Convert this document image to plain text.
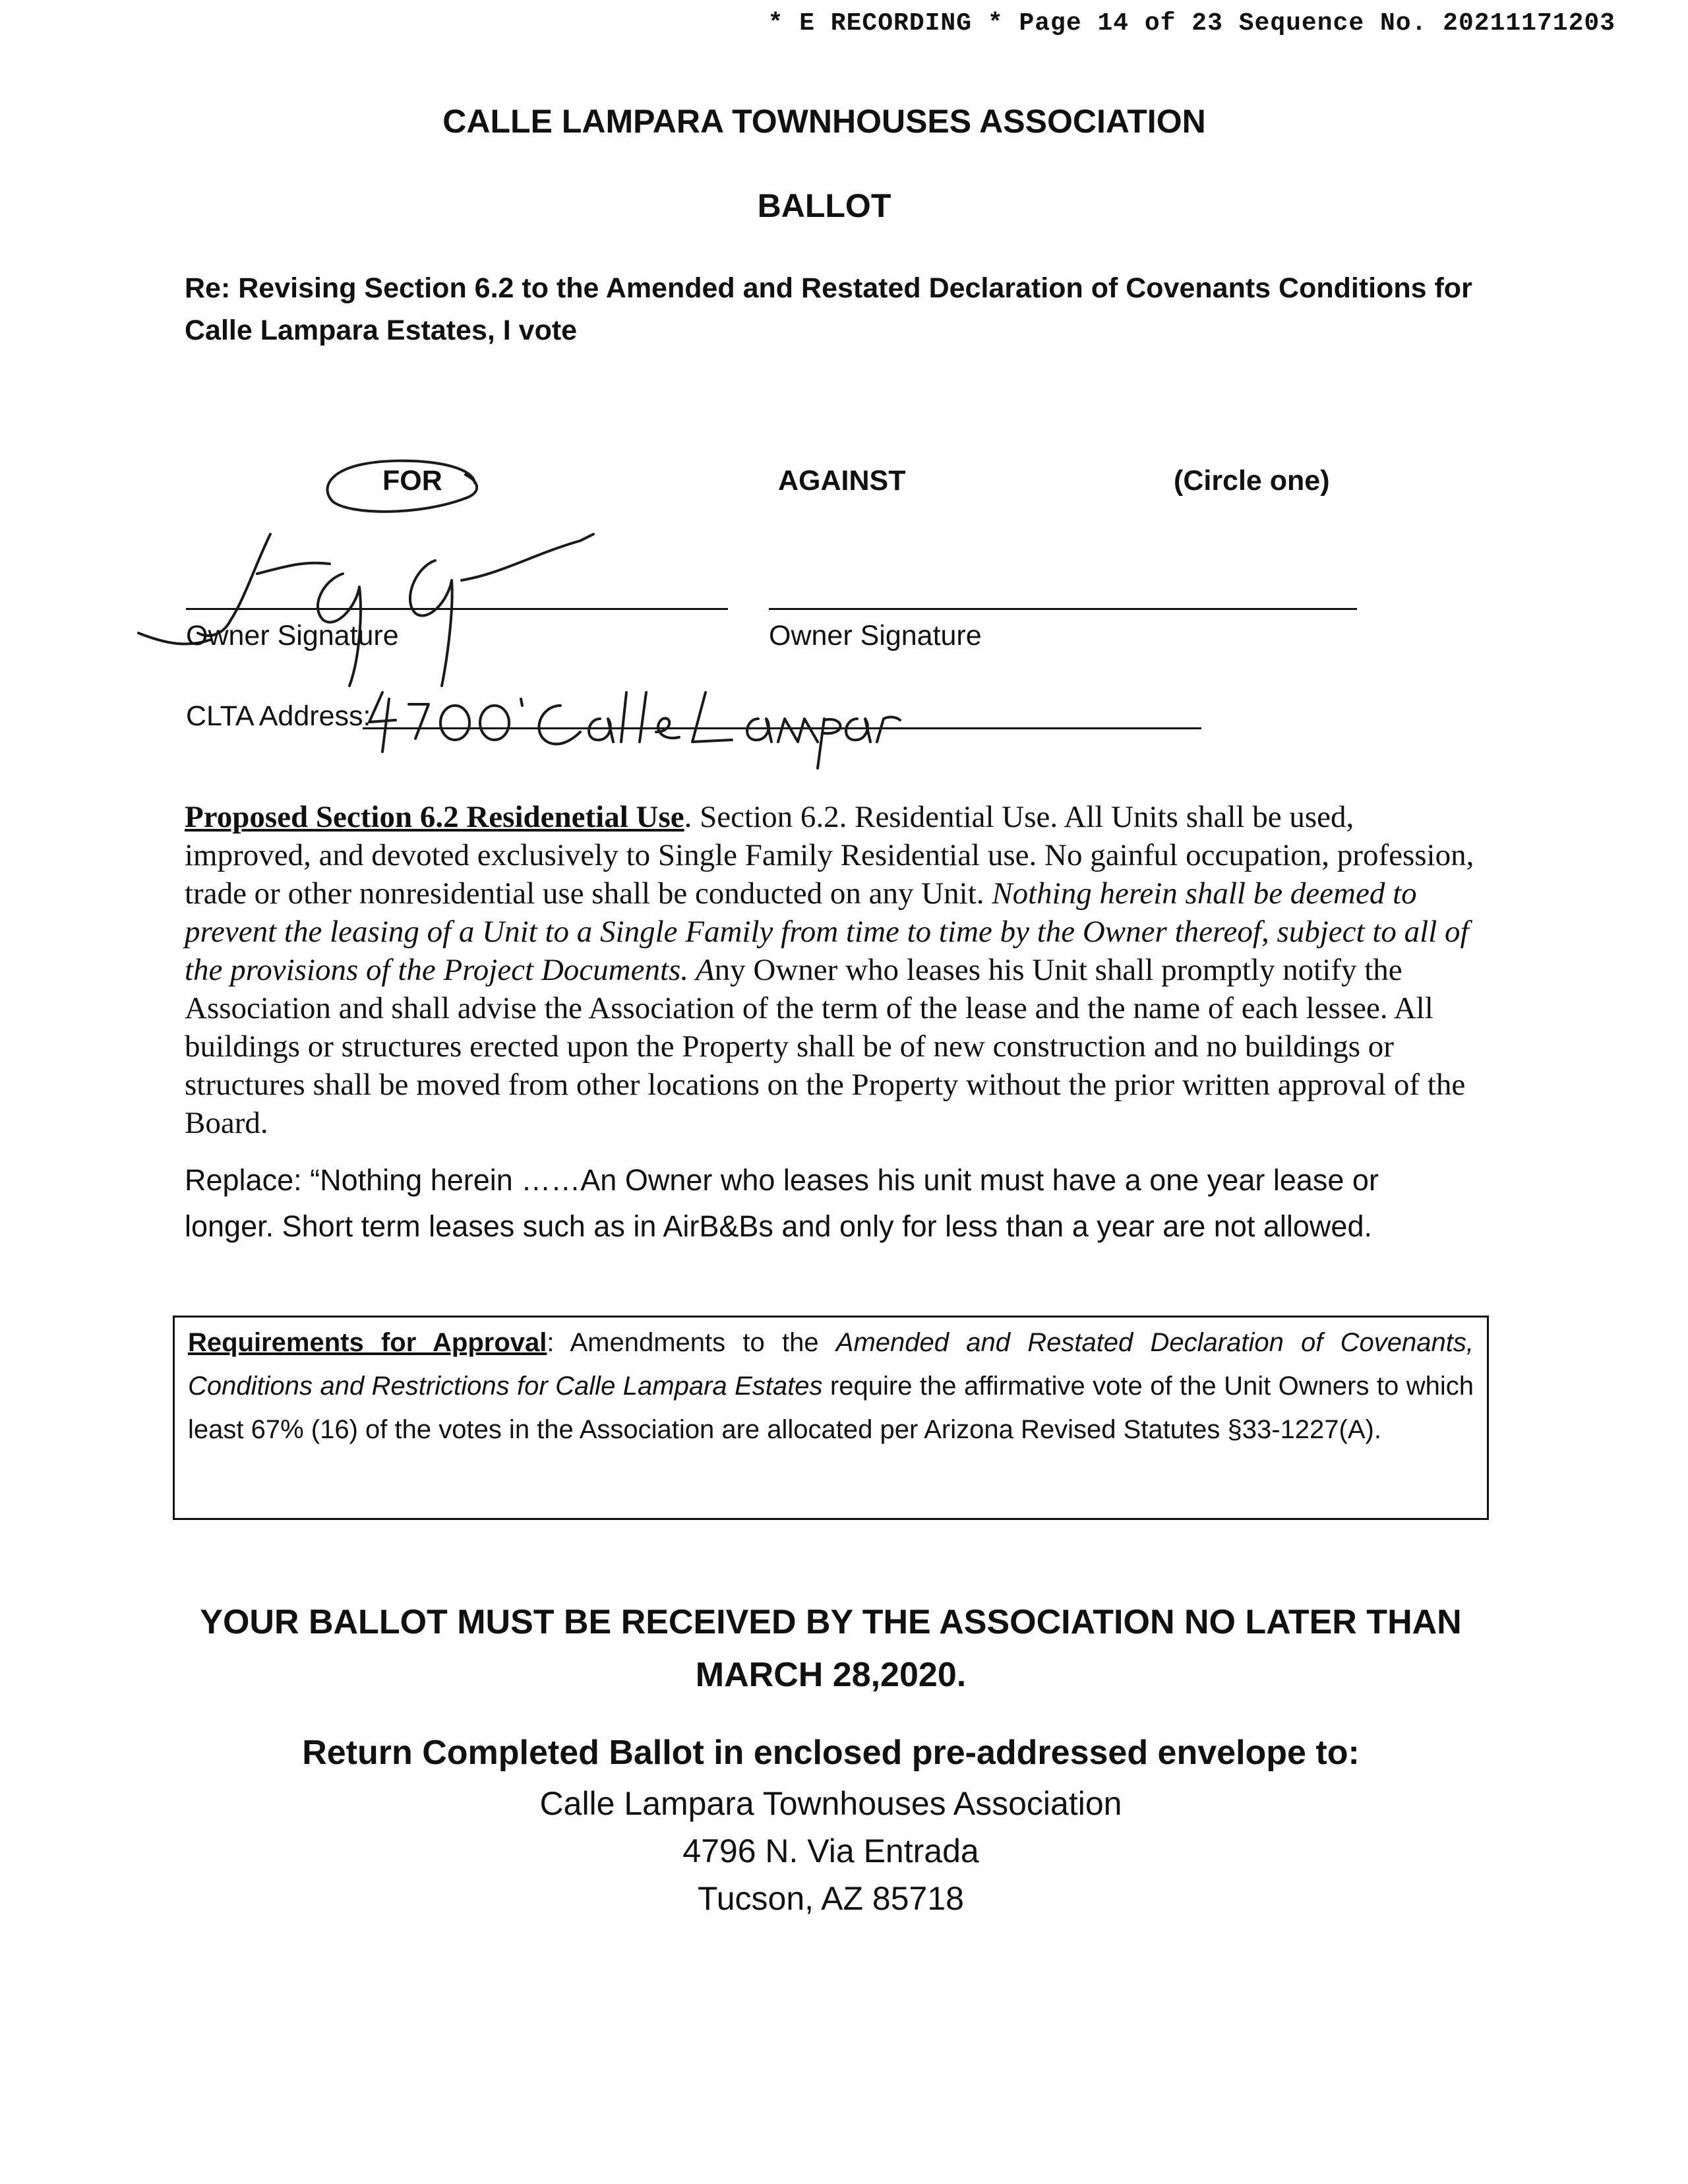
* E RECORDING * Page 14 of 23 Sequence No. 20211171203
CALLE LAMPARA TOWNHOUSES ASSOCIATION
BALLOT
Re: Revising Section 6.2 to the Amended and Restated Declaration of Covenants Conditions for Calle Lampara Estates, I vote
FOR	AGAINST	(Circle one)
Owner Signature	Owner Signature
CLTA Address:
Proposed Section 6.2 Residenetial Use. Section 6.2. Residential Use. All Units shall be used, improved, and devoted exclusively to Single Family Residential use. No gainful occupation, profession, trade or other nonresidential use shall be conducted on any Unit. Nothing herein shall be deemed to prevent the leasing of a Unit to a Single Family from time to time by the Owner thereof, subject to all of the provisions of the Project Documents. Any Owner who leases his Unit shall promptly notify the Association and shall advise the Association of the term of the lease and the name of each lessee. All buildings or structures erected upon the Property shall be of new construction and no buildings or structures shall be moved from other locations on the Property without the prior written approval of the Board.
Replace: “Nothing herein ……An Owner who leases his unit must have a one year lease or longer. Short term leases such as in AirB&Bs and only for less than a year are not allowed.
Requirements for Approval: Amendments to the Amended and Restated Declaration of Covenants, Conditions and Restrictions for Calle Lampara Estates require the affirmative vote of the Unit Owners to which least 67% (16) of the votes in the Association are allocated per Arizona Revised Statutes §33-1227(A).
YOUR BALLOT MUST BE RECEIVED BY THE ASSOCIATION NO LATER THAN
MARCH 28,2020.
Return Completed Ballot in enclosed pre-addressed envelope to:
Calle Lampara Townhouses Association
4796 N. Via Entrada
Tucson, AZ 85718
